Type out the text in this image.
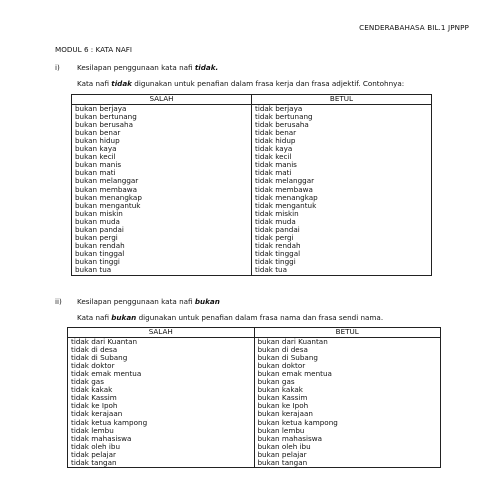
CENDERABAHASA BIL.1 JPNPP
MODUL 6 : KATA NAFI
i) Kesilapan penggunaan kata nafi tidak.
Kata nafi tidak digunakan untuk penafian dalam frasa kerja dan frasa adjektif. Contohnya:
SALAH	BETUL
bukan berjaya	tidak berjaya
bukan bertunang	tidak bertunang
bukan berusaha	tidak berusaha
bukan benar	tidak benar
bukan hidup	tidak hidup
bukan kaya	tidak kaya
bukan kecil	tidak kecil
bukan manis	tidak manis
bukan mati	tidak mati
bukan melanggar	tidak melanggar
bukan membawa	tidak membawa
bukan menangkap	tidak menangkap
bukan mengantuk	tidak mengantuk
bukan miskin	tidak miskin
bukan muda	tidak muda
bukan pandai	tidak pandai
bukan pergi	tidak pergi
bukan rendah	tidak rendah
bukan tinggal	tidak tinggal
bukan tinggi	tidak tinggi
bukan tua	tidak tua
ii) Kesilapan penggunaan kata nafi bukan
Kata nafi bukan digunakan untuk penafian dalam frasa nama dan frasa sendi nama.
SALAH	BETUL
tidak dari Kuantan	bukan dari Kuantan
tidak di desa	bukan di desa
tidak di Subang	bukan di Subang
tidak doktor	bukan doktor
tidak emak mentua	bukan emak mentua
tidak gas	bukan gas
tidak kakak	bukan kakak
tidak Kassim	bukan Kassim
tidak ke Ipoh	bukan ke Ipoh
tidak kerajaan	bukan kerajaan
tidak ketua kampong	bukan ketua kampong
tidak lembu	bukan lembu
tidak mahasiswa	bukan mahasiswa
tidak oleh ibu	bukan oleh ibu
tidak pelajar	bukan pelajar
tidak tangan	bukan tangan
